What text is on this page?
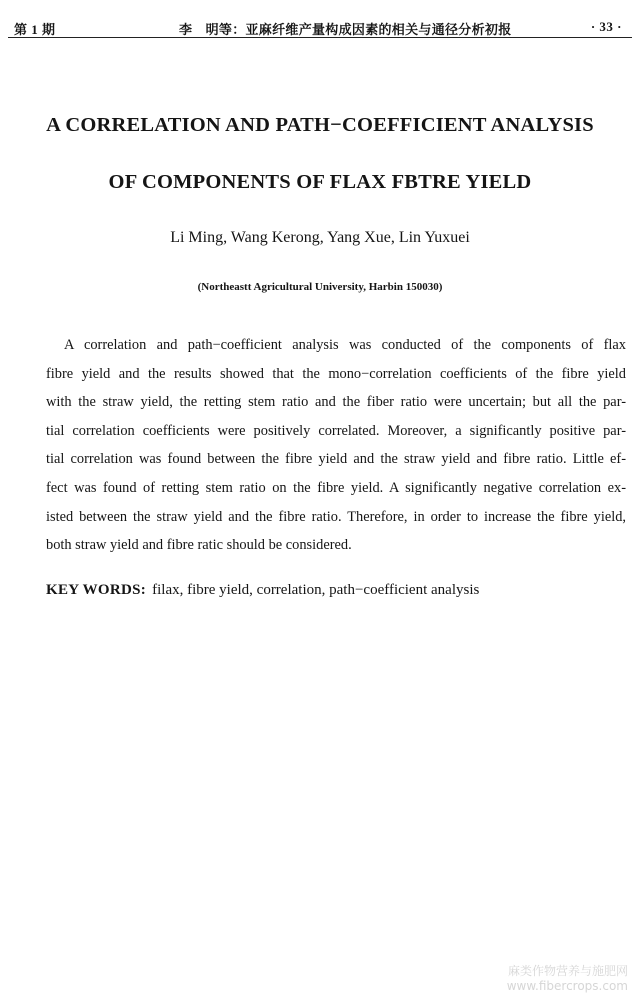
第 1 期	李　明等：亚麻纤维产量构成因素的相关与通径分析初报	· 33 ·
A CORRELATION AND PATH−COEFFICIENT ANALYSIS
OF COMPONENTS OF FLAX FBTRE YIELD
Li Ming, Wang Kerong, Yang Xue, Lin Yuxuei
(Northeastt Agricultural University, Harbin 150030)
A correlation and path−coefficient analysis was conducted of the components of flax
fibre yield and the results showed that the mono−correlation coefficients of the fibre yield
with the straw yield, the retting stem ratio and the fiber ratio were uncertain; but all the par-
tial correlation coefficients were positively correlated. Moreover, a significantly positive par-
tial correlation was found between the fibre yield and the straw yield and fibre ratio. Little ef-
fect was found of retting stem ratio on the fibre yield. A significantly negative correlation ex-
isted between the straw yield and the fibre ratio. Therefore, in order to increase the fibre yield,
both straw yield and fibre ratic should be considered.
KEY WORDS: filax, fibre yield, correlation, path−coefficient analysis
麻类作物营养与施肥网
www.fibercrops.com
